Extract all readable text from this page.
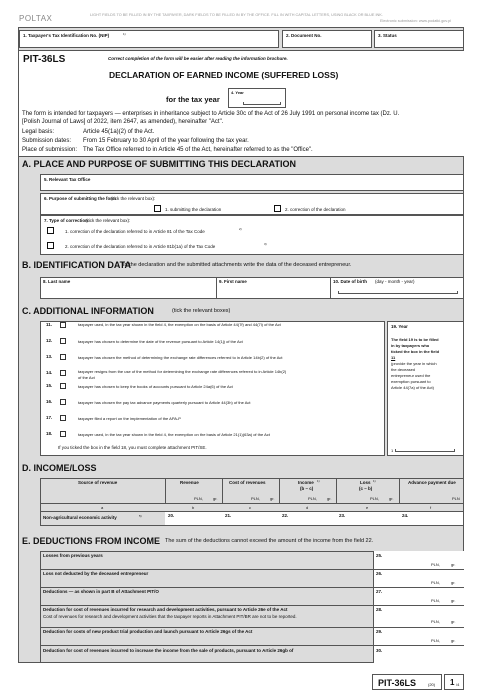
POLTAX	LIGHT FIELDS TO BE FILLED IN BY THE TAXPAYER, DARK FIELDS TO BE FILLED IN BY THE OFFICE. FILL IN WITH CAPITAL LETTERS, USING BLACK OR BLUE INK.
Electronic submission: www.podatki.gov.pl
1. Taxpayer's Tax Identification No. (NIP)	1)	2. Document No.	3. Status
PIT-36LS	Correct completion of the form will be easier after reading the information brochure.
DECLARATION OF EARNED INCOME (SUFFERED LOSS)
for the tax year
4. Year
The form is intended for taxpayers — enterprises in inheritance subject to Article 30c of the Act of 26 July 1991 on personal income tax (Dz. U.
[Polish Journal of Laws] of 2022, item 2647, as amended), hereinafter "Act".
Legal basis:	Article 45(1a)(2) of the Act.
Submission dates: From 15 February to 30 April of the year following the tax year.
Place of submission: The Tax Office referred to in Article 45 of the Act, hereinafter referred to as the "Office".
A. PLACE AND PURPOSE OF SUBMITTING THIS DECLARATION
5. Relevant Tax Office
6. Purpose of submitting the form
(tick the relevant box):
1. submitting the declaration	2. correction of the declaration
7. Type of correction
(tick the relevant box):
1. correction of the declaration referred to in Article 81 of the Tax Code	2)
2. correction of the declaration referred to in Article 81b(1a) of the Tax Code	3)
B. IDENTIFICATION DATA
In the declaration and the submitted attachments write the data of the deceased entrepreneur.
8. Last name	9. First name	10. Date of birth (day - month - year)
C. ADDITIONAL INFORMATION	(tick the relevant boxes)
11.	taxpayer used, in the tax year shown in the field 4, the exemption on the basis of Article 44(7f) and 44(7i) of the Act
12.	taxpayer has chosen to determine the date of the revenue pursuant to Article 14(1j) of the Act
13.	taxpayer has chosen the method of determining the exchange rate differences referred to in Article 14b(2) of the Act
14.	taxpayer resigns from the use of the method for determining the exchange rate differences referred to in Article 14b(2)
of the Act
15.	taxpayer has chosen to keep the books of accounts pursuant to Article 24a(6) of the Act
16.	taxpayer has chosen the pay tax advance payments quarterly pursuant to Article 44(3h) of the Act
17.	taxpayer filed a report on the implementation of the APA-P
18.	taxpayer used, in the tax year shown in the field 4, the exemption on the basis of Article 21(1)(63a) of the Act
If you ticked the box in the field 18, you must complete attachment PIT/SE.
19. Year
The field 19 is to be filled
in by taxpayers who
ticked the box in the field
11
(provide the year in which
the deceased
entrepreneur used the
exemption pursuant to
Article 44(7a) of the Act)
1
D. INCOME/LOSS
Source of revenue	Revenue	Cost of revenues	Income 1)
(b – c)
Loss 1)
(c – b)
Advance payment due
PLN,	gr.	PLN,	gr.	PLN,	gr.	PLN,	gr.	PLN
a	b	c	d	e	f
Non-agricultural economic activity	5)	20.	21.	22.	23.	24.
E. DEDUCTIONS FROM INCOME The sum of the deductions cannot exceed the amount of the income from the field 22.
Losses from previous years	25.
PLN,	gr.
Loss not deducted by the deceased entrepreneur	26.
PLN,	gr.
Deductions — as shown in part B of Attachment PIT/O	27.
PLN,	gr.
Deduction for cost of revenues incurred for research and development activities, pursuant to Article 26e of the Act
Cost of revenues for research and development activities that the taxpayer reports in Attachment PIT/BR are not to be reported.
28.
PLN,	gr.
Deduction for costs of new product trial production and launch pursuant to Article 26gs of the Act	29.
PLN,	gr.
Deduction for cost of revenues incurred to increase the income from the sale of products, pursuant to Article 26gb of	30.
PIT-36LS	(20) 1 /4
